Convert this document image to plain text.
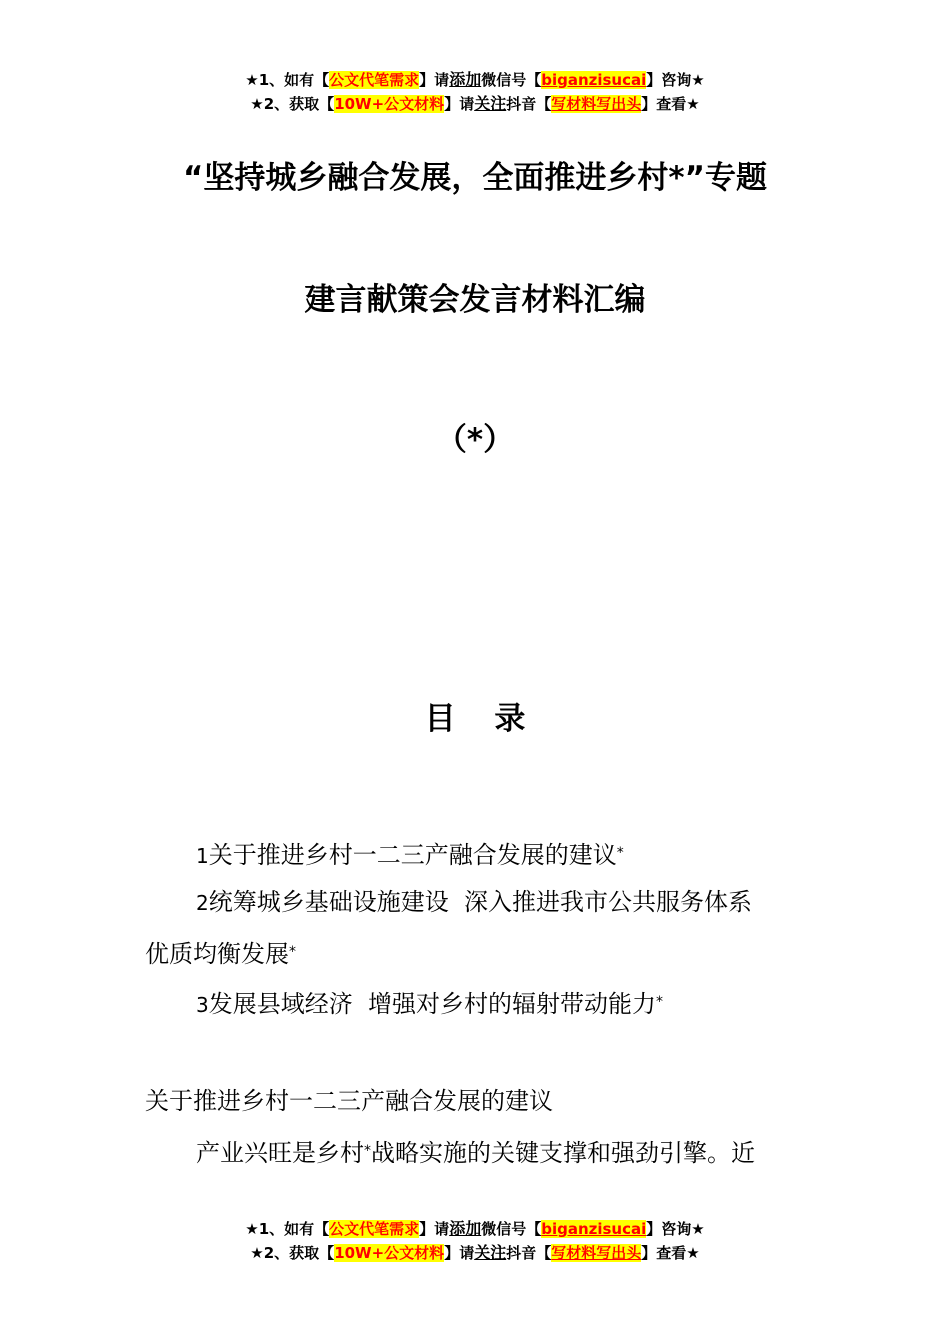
★1、如有【公文代笔需求】请添加微信号【biganzisucai】咨询★
★2、获取【10W+公文材料】请关注抖音【写材料写出头】查看★
“坚持城乡融合发展，全面推进乡村*”专题
建言献策会发言材料汇编
（*）
目 录
1关于推进乡村一二三产融合发展的建议*
2统筹城乡基础设施建设  深入推进我市公共服务体系
优质均衡发展*
3发展县域经济  增强对乡村的辐射带动能力*
关于推进乡村一二三产融合发展的建议
产业兴旺是乡村*战略实施的关键支撑和强劲引擎。近
★1、如有【公文代笔需求】请添加微信号【biganzisucai】咨询★
★2、获取【10W+公文材料】请关注抖音【写材料写出头】查看★
